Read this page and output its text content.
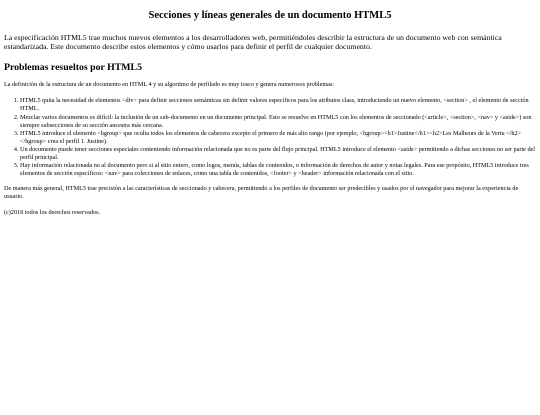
Secciones y líneas generales de un documento HTML5

La especificación HTML5 trae muchos nuevos elementos a los desarrolladores web, permitiéndoles describir la estructura de un documento web con semántica estandarizada. Este documento describe estos elementos y cómo usarlos para definir el perfil de cualquier documento.

Problemas resueltos por HTML5

La definición de la estructura de un documento en HTML 4 y su algoritmo de perfilado es muy tosco y genera numerosos problemas:

1. HTML5 quita la necesidad de elementos <div> para definir secciones semánticas sin definir valores específicos para los atributos class, introduciendo un nuevo elemento, <section> , el elemento de sección HTML.
2. Mezclar varios documentos es difícil: la inclusión de un sub-documento en un documento principal. Esto se resuelve en HTML5 con los elementos de seccionado (<article>, <section>, <nav> y <aside>) son siempre subsecciones de su sección ancestra más cercana.
3. HTML5 introduce el elemento <hgroup> que oculta todos los elementos de cabecera excepto el primero de más alto rango (por ejemplo, <hgroup><h1>Justine</h1><h2>Les Malheurs de la Vertu </h2></hgroup> crea el perfil 1. Justine).
4. Un documento puede tener secciones especiales conteniendo información relacionada que no es parte del flujo principal. HTML5 introduce el elemento <aside> permitiendo a dichas secciones no ser parte del perfil principal.
5. Hay información relacionada no al documento pero si al sitio entero, como logos, menús, tablas de contenidos, o información de derechos de autor y notas legales. Para ese propósito, HTML5 introduce tres elementos de sección específicos: <nav> para colecciones de enlaces, como una tabla de contenidos, <footer> y <header> información relacionada con el sitio.

De manera más general, HTML5 trae precisión a las características de seccionado y cabecera, permitiendo a los perfiles de documento ser predecibles y usados por el navegador para mejorar la experiencia de usuario.

(c)2018 todos los derechos reservados.
